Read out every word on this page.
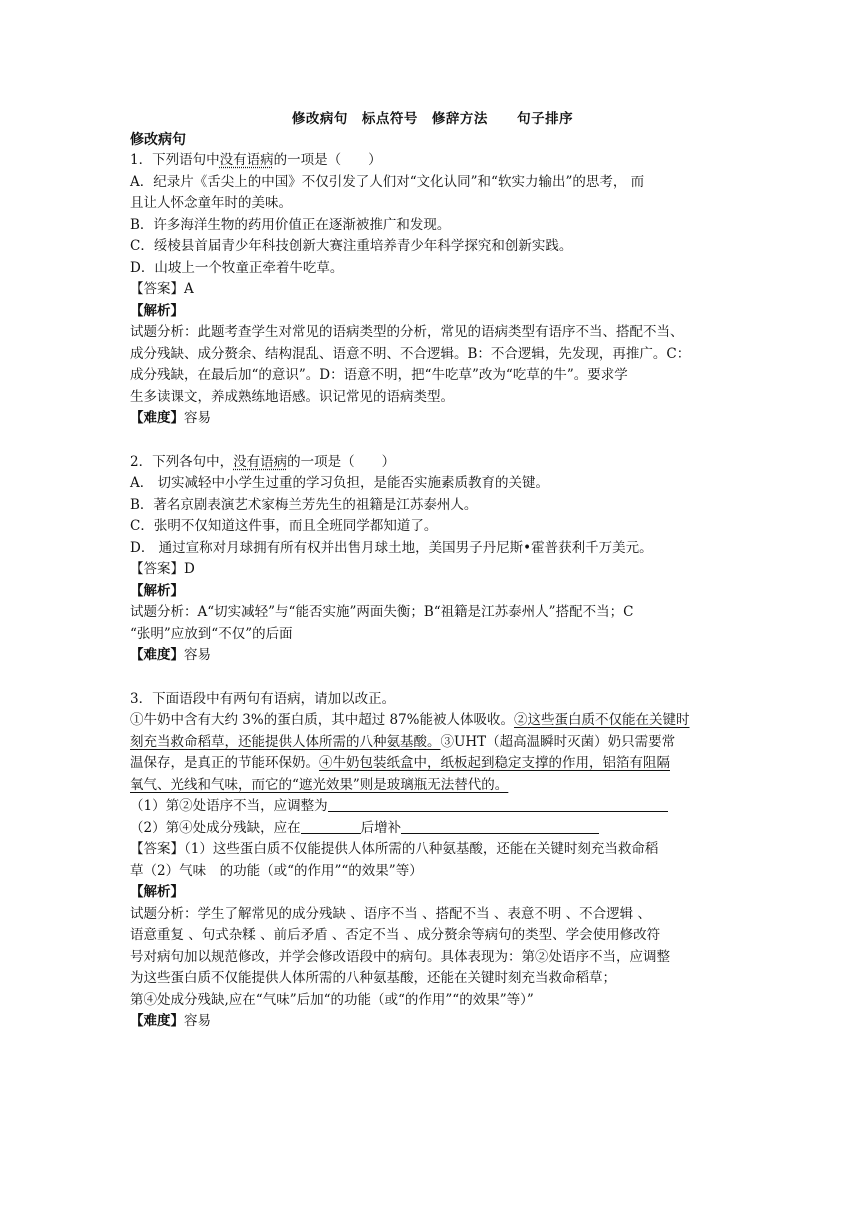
修改病句　标点符号　修辞方法　 句子排序
修改病句
1．下列语句中没有语病的一项是（　　）
A．纪录片《舌尖上的中国》不仅引发了人们对“文化认同”和“软实力输出”的思考， 而
且让人怀念童年时的美味。
B．许多海洋生物的药用价值正在逐渐被推广和发现。
C．绥棱县首届青少年科技创新大赛注重培养青少年科学探究和创新实践。
D．山坡上一个牧童正牵着牛吃草。
【答案】A
【解析】
试题分析：此题考查学生对常见的语病类型的分析，常见的语病类型有语序不当、搭配不当、
成分残缺、成分赘余、结构混乱、语意不明、不合逻辑。B：不合逻辑，先发现，再推广。C：
成分残缺，在最后加“的意识”。D：语意不明，把“牛吃草”改为“吃草的牛”。要求学
生多读课文，养成熟练地语感。识记常见的语病类型。
【难度】容易
2．下列各句中，没有语病的一项是（　　）
A． 切实减轻中小学生过重的学习负担，是能否实施素质教育的关键。
B．著名京剧表演艺术家梅兰芳先生的祖籍是江苏泰州人。
C．张明不仅知道这件事，而且全班同学都知道了。
D． 通过宣称对月球拥有所有权并出售月球土地，美国男子丹尼斯•霍普获利千万美元。
【答案】D
【解析】
试题分析：A“切实减轻”与“能否实施”两面失衡；B“祖籍是江苏泰州人”搭配不当；C
“张明”应放到“不仅”的后面
【难度】容易
3．下面语段中有两句有语病，请加以改正。
①牛奶中含有大约 3%的蛋白质，其中超过 87%能被人体吸收。②这些蛋白质不仅能在关键时
刻充当救命稻草，还能提供人体所需的八种氨基酸。③UHT（超高温瞬时灭菌）奶只需要常
温保存，是真正的节能环保奶。④牛奶包装纸盒中，纸板起到稳定支撑的作用，铝箔有阻隔
氧气、光线和气味，而它的“遮光效果”则是玻璃瓶无法替代的。
（1）第②处语序不当，应调整为
（2）第④处成分残缺，应在	后增补
【答案】（1）这些蛋白质不仅能提供人体所需的八种氨基酸，还能在关键时刻充当救命稻
草（2）气味　的功能（或“的作用”“的效果”等）
【解析】
试题分析：学生了解常见的成分残缺 、语序不当 、搭配不当 、表意不明 、不合逻辑 、
语意重复 、句式杂糅 、前后矛盾 、否定不当 、成分赘余等病句的类型、学会使用修改符
号对病句加以规范修改，并学会修改语段中的病句。具体表现为：第②处语序不当，应调整
为这些蛋白质不仅能提供人体所需的八种氨基酸，还能在关键时刻充当救命稻草；
第④处成分残缺,应在“气味”后加“的功能（或“的作用”“的效果”等）”
【难度】容易
